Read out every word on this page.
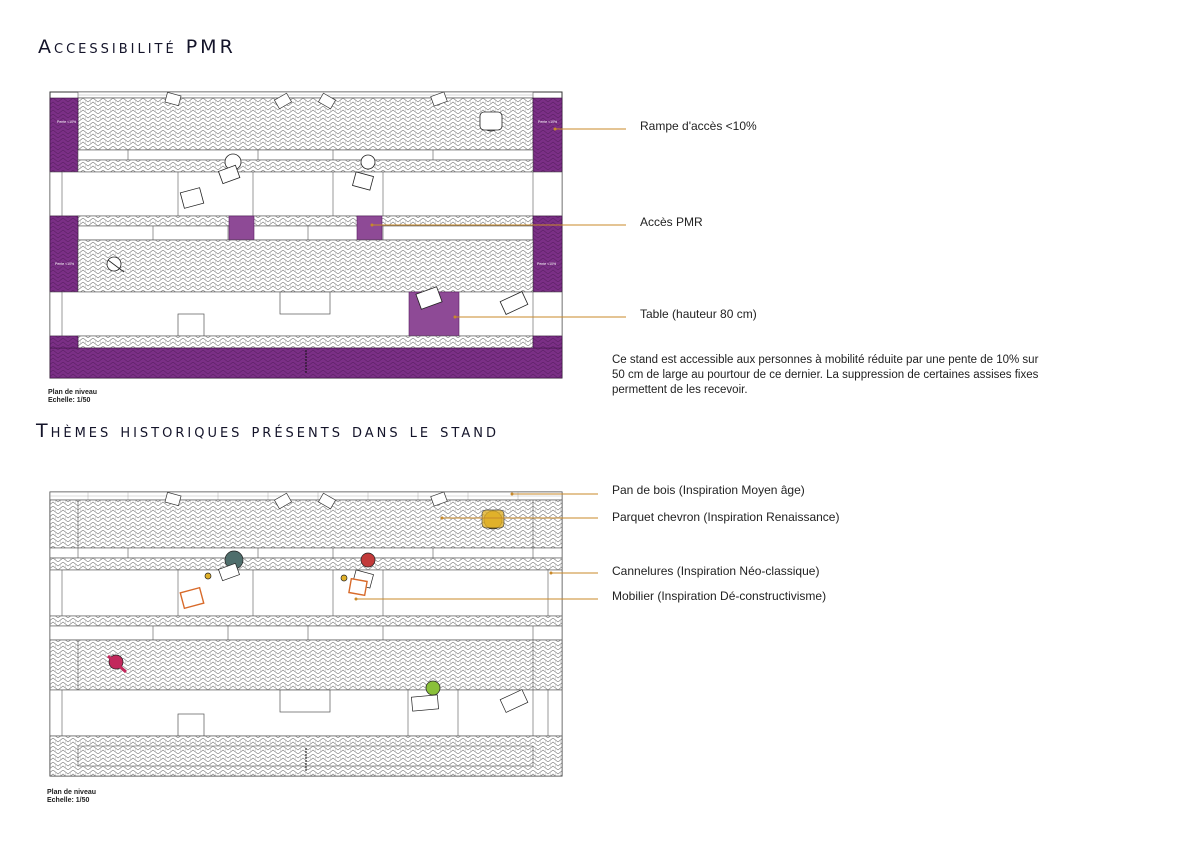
Accessibilité PMR
Pente <10%	Pente <10%
Pente <10%	Pente <10%
Rampe d'accès <10%
Accès PMR
Table (hauteur 80 cm)
Ce stand est accessible aux personnes à mobilité réduite par une pente de 10% sur 50 cm de large au pourtour de ce dernier. La suppression de certaines assises fixes permettent de les recevoir.
Plan de niveau
Echelle: 1/50
Thèmes historiques présents dans le stand
Pan de bois (Inspiration Moyen âge)
Parquet chevron (Inspiration Renaissance)
Cannelures (Inspiration Néo-classique)
Mobilier (Inspiration Dé-constructivisme)
Plan de niveau
Echelle: 1/50
